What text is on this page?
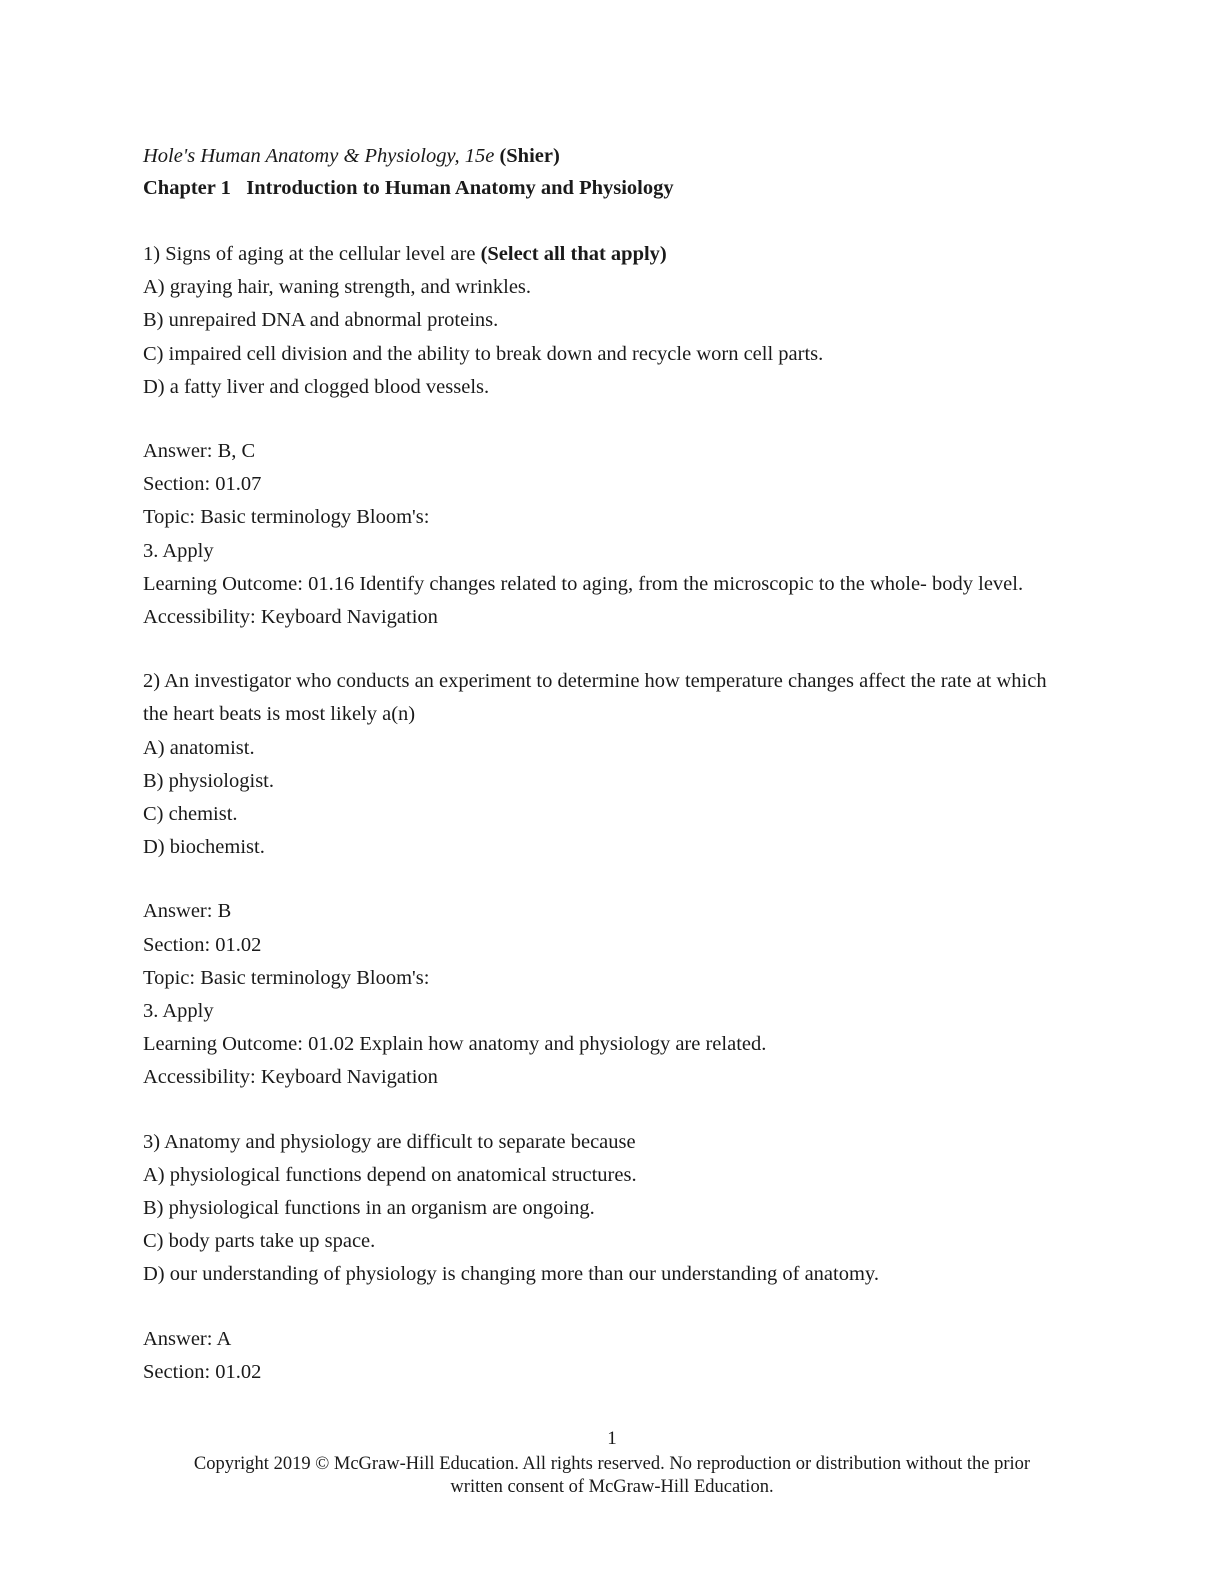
Hole's Human Anatomy & Physiology, 15e (Shier)
Chapter 1 Introduction to Human Anatomy and Physiology
1) Signs of aging at the cellular level are (Select all that apply)
A) graying hair, waning strength, and wrinkles.
B) unrepaired DNA and abnormal proteins.
C) impaired cell division and the ability to break down and recycle worn cell parts.
D) a fatty liver and clogged blood vessels.
Answer: B, C
Section: 01.07
Topic: Basic terminology Bloom's:
3. Apply
Learning Outcome: 01.16 Identify changes related to aging, from the microscopic to the whole- body level.
Accessibility: Keyboard Navigation
2) An investigator who conducts an experiment to determine how temperature changes affect the rate at which the heart beats is most likely a(n)
A) anatomist.
B) physiologist.
C) chemist.
D) biochemist.
Answer: B
Section: 01.02
Topic: Basic terminology Bloom's:
3. Apply
Learning Outcome: 01.02 Explain how anatomy and physiology are related.
Accessibility: Keyboard Navigation
3) Anatomy and physiology are difficult to separate because
A) physiological functions depend on anatomical structures.
B) physiological functions in an organism are ongoing.
C) body parts take up space.
D) our understanding of physiology is changing more than our understanding of anatomy.
Answer: A
Section: 01.02
1
Copyright 2019 © McGraw-Hill Education. All rights reserved. No reproduction or distribution without the prior
written consent of McGraw-Hill Education.
